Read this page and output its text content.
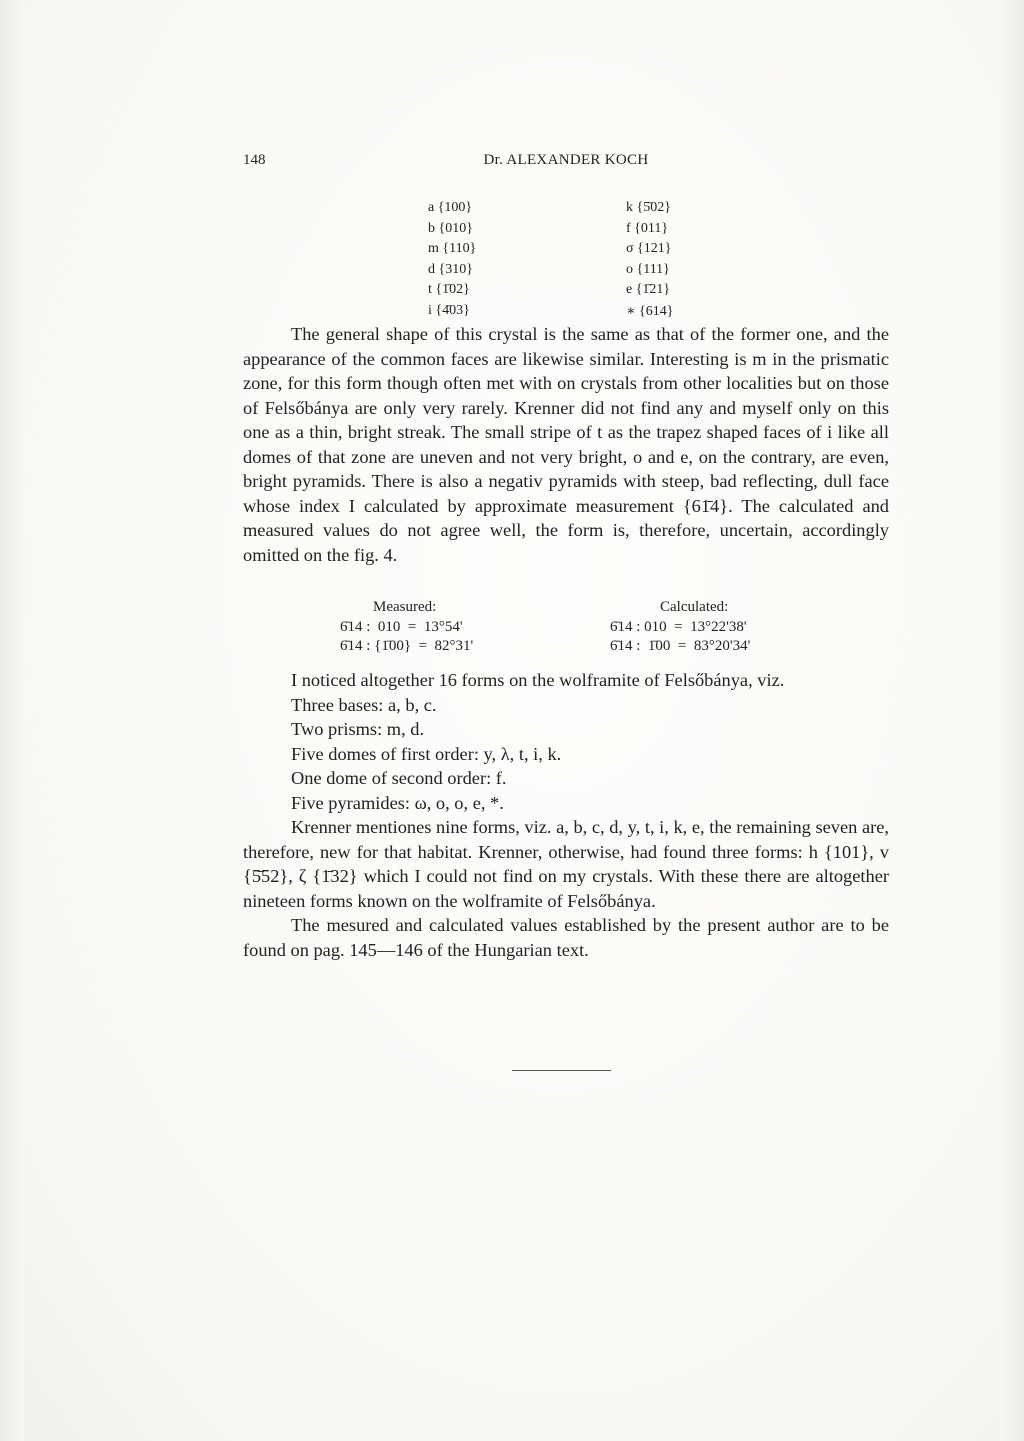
148	Dr. ALEXANDER KOCH
a {100}	k {5̄02}
b {010}	f {011}
m {110}	σ {121}
d {310}	o {111}
t {1̄02}	e {1̄21}
i {4̄03}	∗ {614}

The general shape of this crystal is the same as that of the former one, and the appearance of the common faces are likewise similar. Interesting is m in the prismatic zone, for this form though often met with on crystals from other localities but on those of Felsőbánya are only very rarely. Krenner did not find any and myself only on this one as a thin, bright streak. The small stripe of t as the trapez shaped faces of i like all domes of that zone are uneven and not very bright, o and e, on the contrary, are even, bright pyramids. There is also a negativ pyramids with steep, bad reflecting, dull face whose index I calculated by approximate measurement {61̄4}. The calculated and measured values do not agree well, the form is, therefore, uncertain, accordingly omitted on the fig. 4.

Measured:	Calculated:
6̄14 :  010  =  13°54'	6̄14 : 010  =  13°22'38'
6̄14 : {1̄00}  =  82°31'	6̄14 :  1̄00  =  83°20'34'

I noticed altogether 16 forms on the wolframite of Felsőbánya, viz.

Three bases: a, b, c.

Two prisms: m, d.

Five domes of first order: y, λ, t, i, k.

One dome of second order: f.

Five pyramides: ω, o, o, e, *.

Krenner mentiones nine forms, viz. a, b, c, d, y, t, i, k, e, the remaining seven are, therefore, new for that habitat. Krenner, otherwise, had found three forms: h {101}, v {5̄52}, ζ {1̄32} which I could not find on my crystals. With these there are altogether nineteen forms known on the wolframite of Felsőbánya.

The mesured and calculated values established by the present author are to be found on pag. 145—146 of the Hungarian text.
